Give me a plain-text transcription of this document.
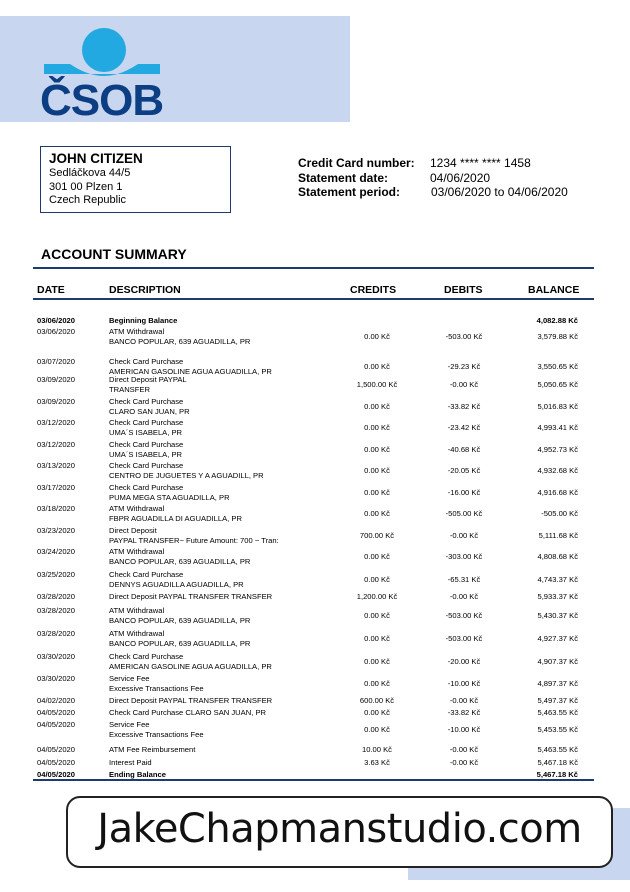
ČSOB
JOHN CITIZEN
Sedláčkova 44/5
301 00 Plzen 1
Czech Republic
Credit Card number:	1234 **** **** 1458
Statement date:	04/06/2020
Statement period:	03/06/2020 to 04/06/2020
ACCOUNT SUMMARY
DATE	DESCRIPTION	CREDITS	DEBITS	BALANCE
03/06/2020	Beginning Balance	4,082.88 Kč
03/06/2020	ATM Withdrawal
BANCO POPULAR, 639 AGUADILLA, PR
0.00 Kč	-503.00 Kč	3,579.88 Kč
03/07/2020	Check Card Purchase
AMERICAN GASOLINE AGUA AGUADILLA, PR
0.00 Kč	-29.23 Kč	3,550.65 Kč
03/09/2020	Direct Deposit PAYPAL
TRANSFER
1,500.00 Kč	-0.00 Kč	5,050.65 Kč
03/09/2020	Check Card Purchase
CLARO SAN JUAN, PR
0.00 Kč	-33.82 Kč	5,016.83 Kč
03/12/2020	Check Card Purchase
UMA´S ISABELA, PR
0.00 Kč	-23.42 Kč	4,993.41 Kč
03/12/2020	Check Card Purchase
UMA´S ISABELA, PR
0.00 Kč	-40.68 Kč	4,952.73 Kč
03/13/2020	Check Card Purchase
CENTRO DE JUGUETES Y A AGUADILL, PR
0.00 Kč	-20.05 Kč	4,932.68 Kč
03/17/2020	Check Card Purchase
PUMA MEGA STA AGUADILLA, PR
0.00 Kč	-16.00 Kč	4,916.68 Kč
03/18/2020	ATM Withdrawal
FBPR AGUADILLA DI AGUADILLA, PR
0.00 Kč	-505.00 Kč	-505.00 Kč
03/23/2020	Direct Deposit
PAYPAL TRANSFER~ Future Amount: 700 ~ Tran:
700.00 Kč	-0.00 Kč	5,111.68 Kč
03/24/2020	ATM Withdrawal
BANCO POPULAR, 639 AGUADILLA, PR
0.00 Kč	-303.00 Kč	4,808.68 Kč
03/25/2020	Check Card Purchase
DENNYS AGUADILLA AGUADILLA, PR
0.00 Kč	-65.31 Kč	4,743.37 Kč
03/28/2020	Direct Deposit PAYPAL TRANSFER TRANSFER	1,200.00 Kč	-0.00 Kč	5,933.37 Kč
03/28/2020	ATM Withdrawal
BANCO POPULAR, 639 AGUADILLA, PR
0.00 Kč	-503.00 Kč	5,430.37 Kč
03/28/2020	ATM Withdrawal
BANCO POPULAR, 639 AGUADILLA, PR
0.00 Kč	-503.00 Kč	4,927.37 Kč
03/30/2020	Check Card Purchase
AMERICAN GASOLINE AGUA AGUADILLA, PR
0.00 Kč	-20.00 Kč	4,907.37 Kč
03/30/2020	Service Fee
Excessive Transactions Fee
0.00 Kč	-10.00 Kč	4,897.37 Kč
04/02/2020	Direct Deposit PAYPAL TRANSFER TRANSFER	600.00 Kč	-0.00 Kč	5,497.37 Kč
04/05/2020	Check Card Purchase CLARO SAN JUAN, PR	0.00 Kč	-33.82 Kč	5,463.55 Kč
04/05/2020	Service Fee
Excessive Transactions Fee
0.00 Kč	-10.00 Kč	5,453.55 Kč
04/05/2020	ATM Fee Reimbursement	10.00 Kč	-0.00 Kč	5,463.55 Kč
04/05/2020	Interest Paid	3.63 Kč	-0.00 Kč	5,467.18 Kč
04/05/2020	Ending Balance	5,467.18 Kč
JakeChapmanstudio.com
